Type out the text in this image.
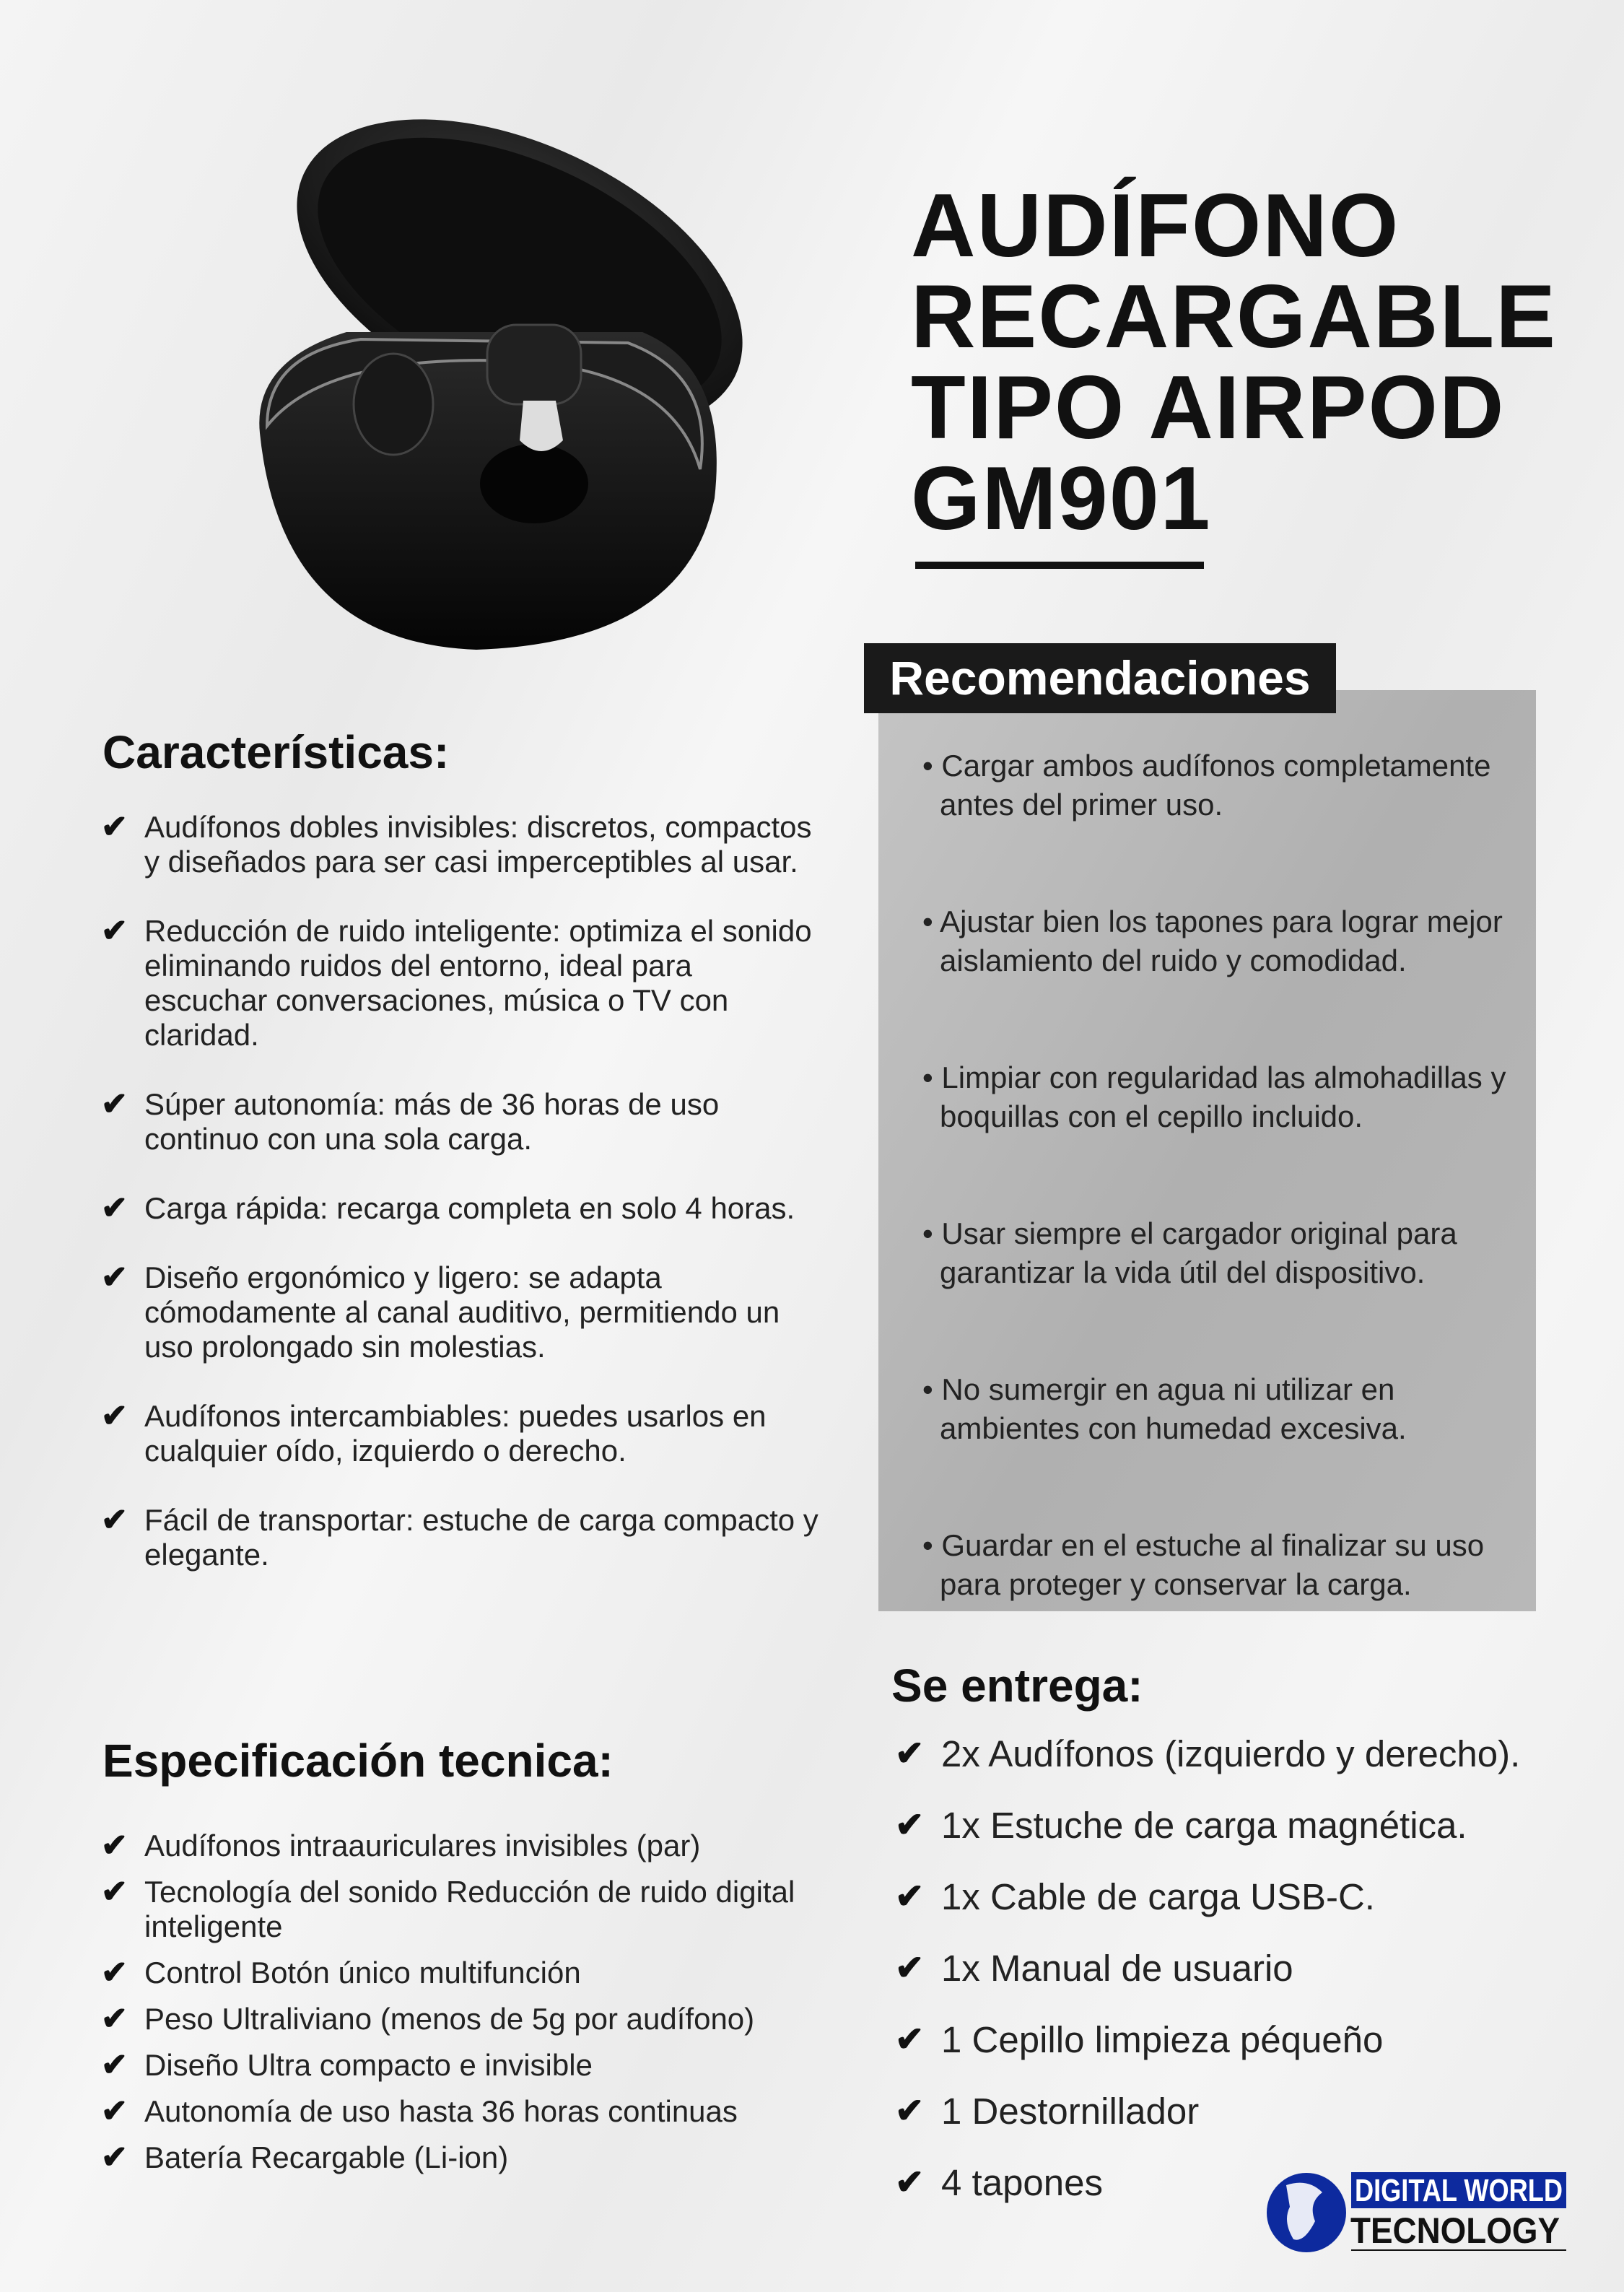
AUDÍFONO
RECARGABLE
TIPO AIRPOD
GM901
Recomendaciones
• Cargar ambos audífonos completamente antes del primer uso.
• Ajustar bien los tapones para lograr mejor aislamiento del ruido y comodidad.
• Limpiar con regularidad las almohadillas y boquillas con el cepillo incluido.
• Usar siempre el cargador original para garantizar la vida útil del dispositivo.
• No sumergir en agua ni utilizar en ambientes con humedad excesiva.
• Guardar en el estuche al finalizar su uso para proteger y conservar la carga.
Características:
✔ Audífonos dobles invisibles: discretos, compactos y diseñados para ser casi imperceptibles al usar.
✔ Reducción de ruido inteligente: optimiza el sonido eliminando ruidos del entorno, ideal para escuchar conversaciones, música o TV con claridad.
✔ Súper autonomía: más de 36 horas de uso continuo con una sola carga.
✔ Carga rápida: recarga completa en solo 4 horas.
✔ Diseño ergonómico y ligero: se adapta cómodamente al canal auditivo, permitiendo un uso prolongado sin molestias.
✔ Audífonos intercambiables: puedes usarlos en cualquier oído, izquierdo o derecho.
✔ Fácil de transportar: estuche de carga compacto y elegante.
Especificación tecnica:
✔ Audífonos intraauriculares invisibles (par)
✔ Tecnología del sonido Reducción de ruido digital inteligente
✔ Control Botón único multifunción
✔ Peso Ultraliviano (menos de 5g por audífono)
✔ Diseño Ultra compacto e invisible
✔ Autonomía de uso hasta 36 horas continuas
✔ Batería Recargable (Li-ion)
Se entrega:
✔ 2x Audífonos (izquierdo y derecho).
✔ 1x Estuche de carga magnética.
✔ 1x Cable de carga USB-C.
✔ 1x Manual de usuario
✔ 1 Cepillo limpieza péqueño
✔ 1 Destornillador
✔ 4 tapones	DIGITAL WORLD
TECNOLOGY
